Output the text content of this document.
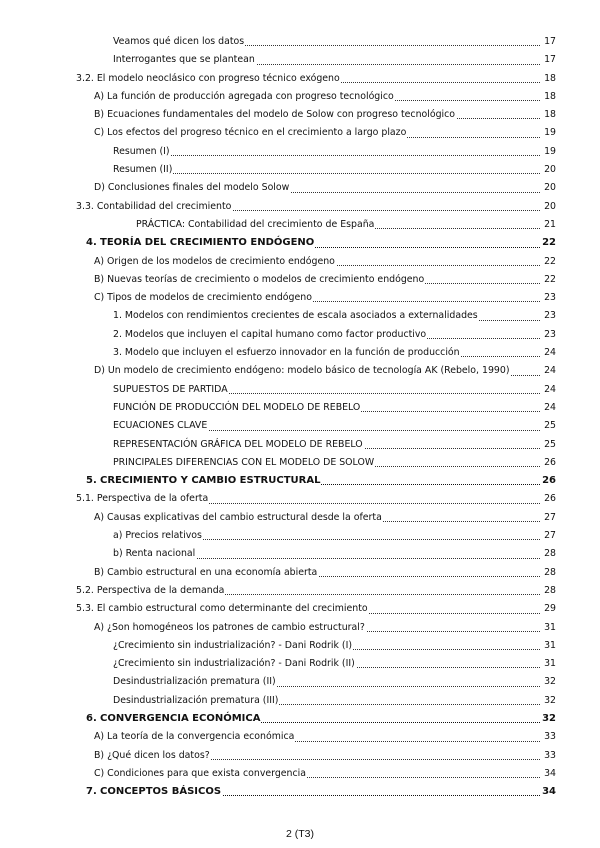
Veamos qué dicen los datos	17
Interrogantes que se plantean	17
3.2. El modelo neoclásico con progreso técnico exógeno	18
A) La función de producción agregada con progreso tecnológico	18
B) Ecuaciones fundamentales del modelo de Solow con progreso tecnológico	18
C) Los efectos del progreso técnico en el crecimiento a largo plazo	19
Resumen (I)	19
Resumen (II)	20
D) Conclusiones finales del modelo Solow	20
3.3. Contabilidad del crecimiento	20
PRÁCTICA: Contabilidad del crecimiento de España	21
4. TEORÍA DEL CRECIMIENTO ENDÓGENO	22
A) Origen de los modelos de crecimiento endógeno	22
B) Nuevas teorías de crecimiento o modelos de crecimiento endógeno	22
C) Tipos de modelos de crecimiento endógeno	23
1. Modelos con rendimientos crecientes de escala asociados a externalidades	23
2. Modelos que incluyen el capital humano como factor productivo	23
3. Modelo que incluyen el esfuerzo innovador en la función de producción	24
D) Un modelo de crecimiento endógeno: modelo básico de tecnología AK (Rebelo, 1990)	24
SUPUESTOS DE PARTIDA	24
FUNCIÓN DE PRODUCCIÓN DEL MODELO DE REBELO	24
ECUACIONES CLAVE	25
REPRESENTACIÓN GRÁFICA DEL MODELO DE REBELO	25
PRINCIPALES DIFERENCIAS CON EL MODELO DE SOLOW	26
5. CRECIMIENTO Y CAMBIO ESTRUCTURAL	26
5.1. Perspectiva de la oferta	26
A) Causas explicativas del cambio estructural desde la oferta	27
a) Precios relativos	27
b) Renta nacional	28
B) Cambio estructural en una economía abierta	28
5.2. Perspectiva de la demanda	28
5.3. El cambio estructural como determinante del crecimiento	29
A) ¿Son homogéneos los patrones de cambio estructural?	31
¿Crecimiento sin industrialización? - Dani Rodrik (I)	31
¿Crecimiento sin industrialización? - Dani Rodrik (II)	31
Desindustrialización prematura (II)	32
Desindustrialización prematura (III)	32
6. CONVERGENCIA ECONÓMICA	32
A) La teoría de la convergencia económica	33
B) ¿Qué dicen los datos?	33
C) Condiciones para que exista convergencia	34
7. CONCEPTOS BÁSICOS	34
2 (T3)
